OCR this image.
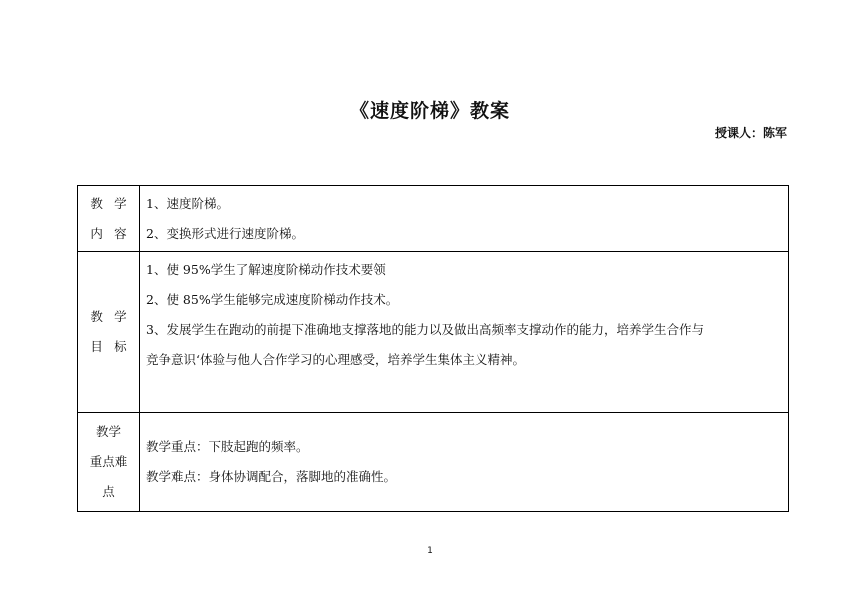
《速度阶梯》教案
授课人：陈军
教学
内容	1、速度阶梯。
2、变换形式进行速度阶梯。

教学
目标	1、使 95%学生了解速度阶梯动作技术要领
2、使 85%学生能够完成速度阶梯动作技术。
3、发展学生在跑动的前提下准确地支撑落地的能力以及做出高频率支撑动作的能力，培养学生合作与
竞争意识‘体验与他人合作学习的心理感受，培养学生集体主义精神。

教学
重点难
点	教学重点：下肢起跑的频率。
教学难点：身体协调配合，落脚地的准确性。
1
